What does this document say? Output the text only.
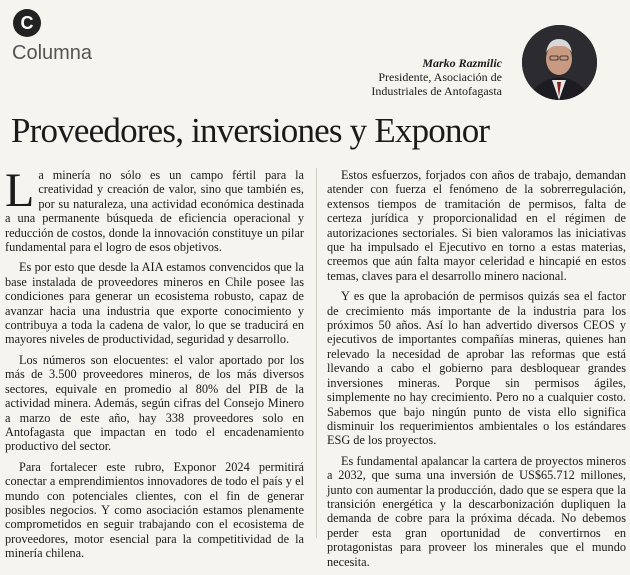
C
Columna	Marko Razmilic
Presidente, Asociación de
Industriales de Antofagasta
Proveedores, inversiones y Exponor

La minería no sólo es un campo fértil para la creatividad y creación de valor, sino que también es, por su naturaleza, una actividad económica destinada a una permanente búsqueda de eficiencia operacional y reducción de costos, donde la innovación constituye un pilar fundamental para el logro de esos objetivos.

Es por esto que desde la AIA estamos convencidos que la base instalada de proveedores mineros en Chile posee las condiciones para generar un ecosistema robusto, capaz de avanzar hacia una industria que exporte conocimiento y contribuya a toda la cadena de valor, lo que se traducirá en mayores niveles de productividad, seguridad y desarrollo.

Los números son elocuentes: el valor aportado por los más de 3.500 proveedores mineros, de los más diversos sectores, equivale en promedio al 80% del PIB de la actividad minera. Además, según cifras del Consejo Minero a marzo de este año, hay 338 proveedores solo en Antofagasta que impactan en todo el encadenamiento productivo del sector.

Para fortalecer este rubro, Exponor 2024 permitirá conectar a emprendimientos innovadores de todo el país y el mundo con potenciales clientes, con el fin de generar posibles negocios. Y como asociación estamos plenamente comprometidos en seguir trabajando con el ecosistema de proveedores, motor esencial para la competitividad de la minería chilena.

Estos esfuerzos, forjados con años de trabajo, demandan atender con fuerza el fenómeno de la sobrerregulación, extensos tiempos de tramitación de permisos, falta de certeza jurídica y proporcionalidad en el régimen de autorizaciones sectoriales. Si bien valoramos las iniciativas que ha impulsado el Ejecutivo en torno a estas materias, creemos que aún falta mayor celeridad e hincapié en estos temas, claves para el desarrollo minero nacional.

Y es que la aprobación de permisos quizás sea el factor de crecimiento más importante de la industria para los próximos 50 años. Así lo han advertido diversos CEOS y ejecutivos de importantes compañías mineras, quienes han relevado la necesidad de aprobar las reformas que está llevando a cabo el gobierno para desbloquear grandes inversiones mineras. Porque sin permisos ágiles, simplemente no hay crecimiento. Pero no a cualquier costo. Sabemos que bajo ningún punto de vista ello significa disminuir los requerimientos ambientales o los estándares ESG de los proyectos.

Es fundamental apalancar la cartera de proyectos mineros a 2032, que suma una inversión de US$65.712 millones, junto con aumentar la producción, dado que se espera que la transición energética y la descarbonización dupliquen la demanda de cobre para la próxima década. No debemos perder esta gran oportunidad de convertirnos en protagonistas para proveer los minerales que el mundo necesita.
